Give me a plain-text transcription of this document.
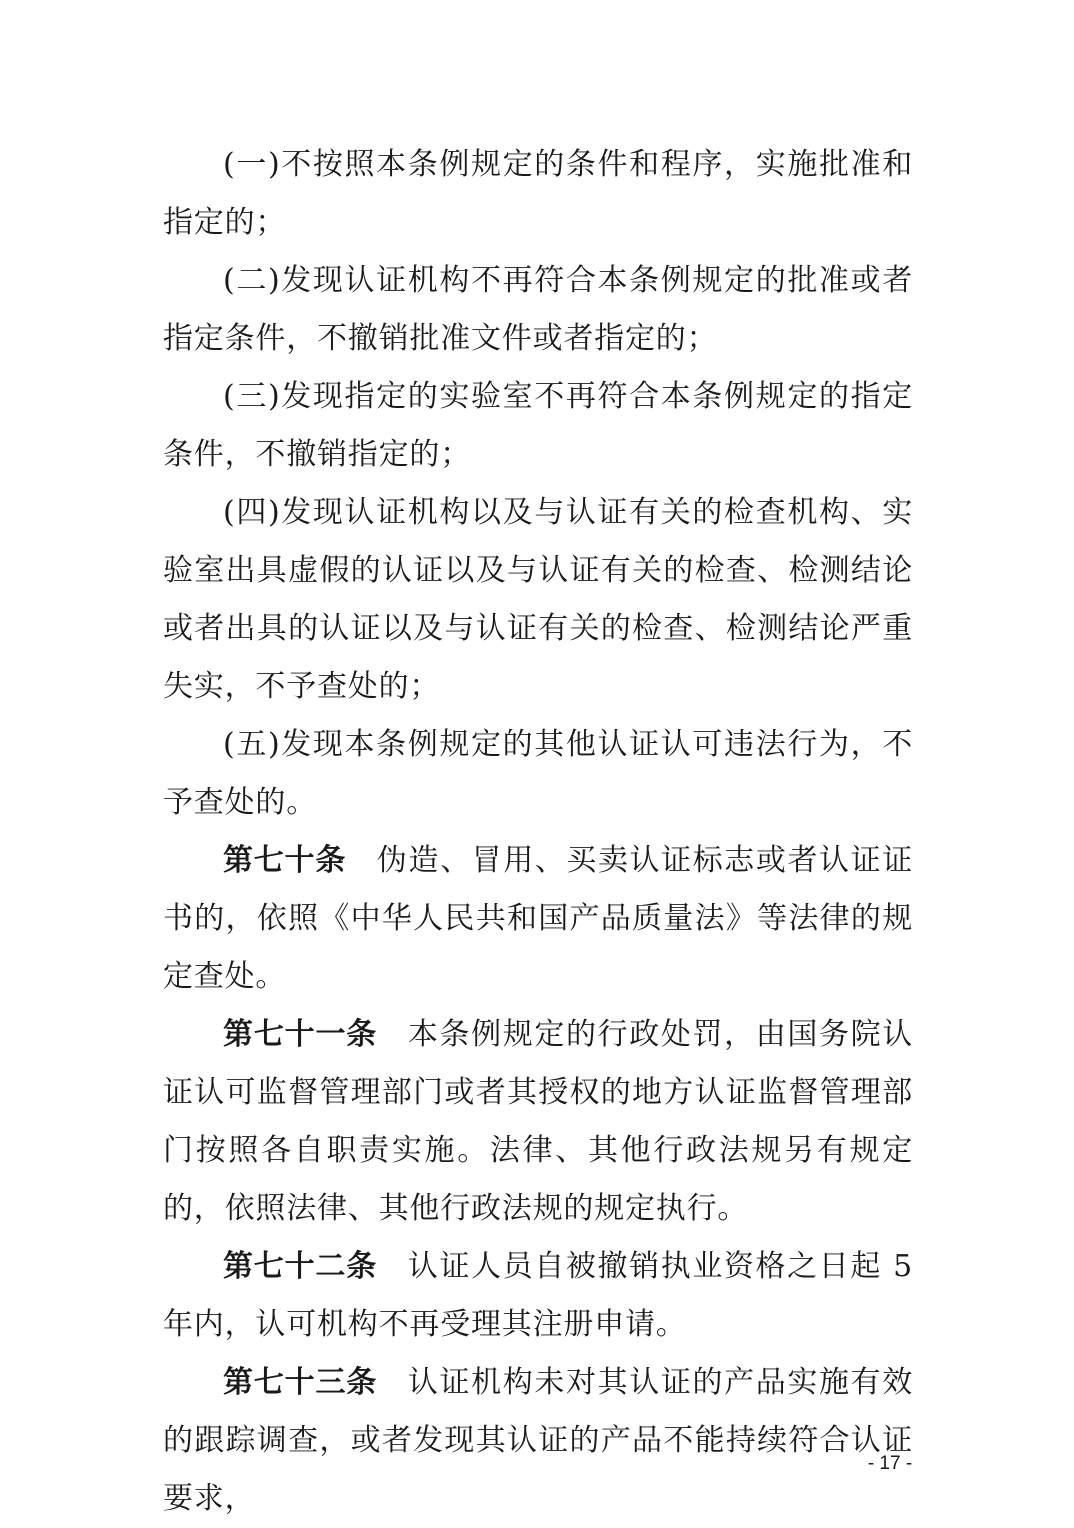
(一)不按照本条例规定的条件和程序，实施批准和指定的；

(二)发现认证机构不再符合本条例规定的批准或者指定条件，不撤销批准文件或者指定的；

(三)发现指定的实验室不再符合本条例规定的指定条件，不撤销指定的；

(四)发现认证机构以及与认证有关的检查机构、实验室出具虚假的认证以及与认证有关的检查、检测结论或者出具的认证以及与认证有关的检查、检测结论严重失实，不予查处的；

(五)发现本条例规定的其他认证认可违法行为，不予查处的。

第七十条 伪造、冒用、买卖认证标志或者认证证书的，依照《中华人民共和国产品质量法》等法律的规定查处。

第七十一条 本条例规定的行政处罚，由国务院认证认可监督管理部门或者其授权的地方认证监督管理部门按照各自职责实施。法律、其他行政法规另有规定的，依照法律、其他行政法规的规定执行。

第七十二条 认证人员自被撤销执业资格之日起 5 年内，认可机构不再受理其注册申请。

第七十三条 认证机构未对其认证的产品实施有效的跟踪调查，或者发现其认证的产品不能持续符合认证要求，

- 17 -
